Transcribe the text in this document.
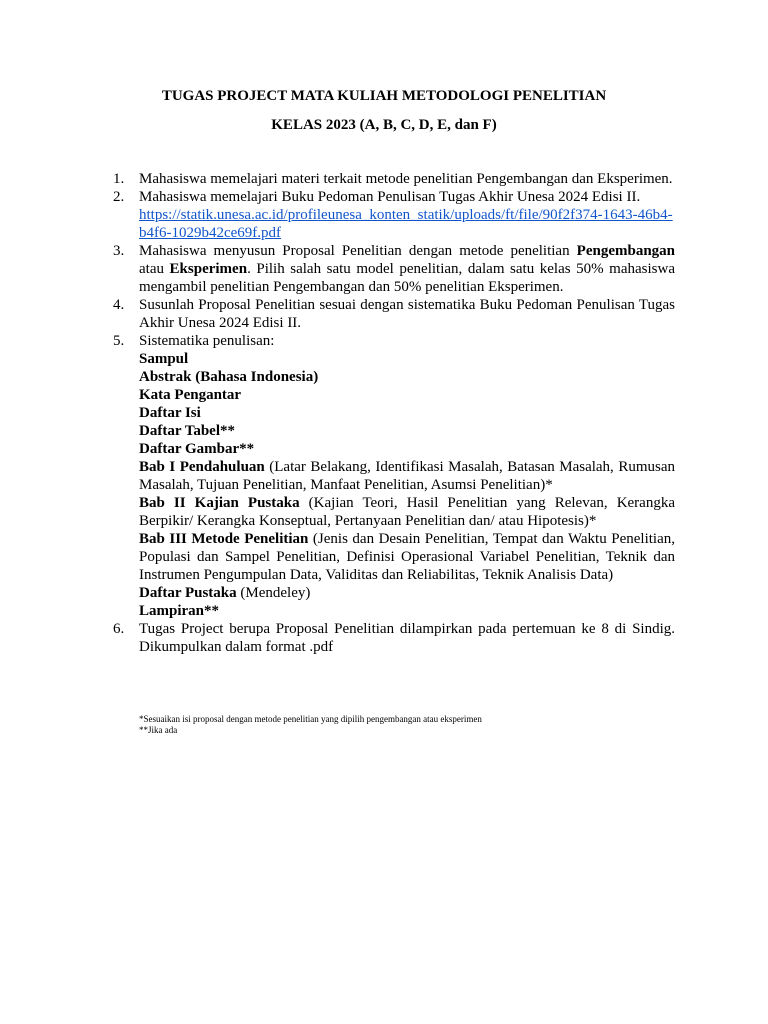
TUGAS PROJECT MATA KULIAH METODOLOGI PENELITIAN

KELAS 2023 (A, B, C, D, E, dan F)

1. Mahasiswa memelajari materi terkait metode penelitian Pengembangan dan Eksperimen.
2. Mahasiswa memelajari Buku Pedoman Penulisan Tugas Akhir Unesa 2024 Edisi II.
https://statik.unesa.ac.id/profileunesa_konten_statik/uploads/ft/file/90f2f374-1643-46b4-b4f6-1029b42ce69f.pdf
3. Mahasiswa menyusun Proposal Penelitian dengan metode penelitian Pengembangan atau Eksperimen. Pilih salah satu model penelitian, dalam satu kelas 50% mahasiswa mengambil penelitian Pengembangan dan 50% penelitian Eksperimen.
4. Susunlah Proposal Penelitian sesuai dengan sistematika Buku Pedoman Penulisan Tugas Akhir Unesa 2024 Edisi II.
5. Sistematika penulisan:
Sampul
Abstrak (Bahasa Indonesia)
Kata Pengantar
Daftar Isi
Daftar Tabel**
Daftar Gambar**
Bab I Pendahuluan (Latar Belakang, Identifikasi Masalah, Batasan Masalah, Rumusan Masalah, Tujuan Penelitian, Manfaat Penelitian, Asumsi Penelitian)*
Bab II Kajian Pustaka (Kajian Teori, Hasil Penelitian yang Relevan, Kerangka Berpikir/ Kerangka Konseptual, Pertanyaan Penelitian dan/ atau Hipotesis)*
Bab III Metode Penelitian (Jenis dan Desain Penelitian, Tempat dan Waktu Penelitian, Populasi dan Sampel Penelitian, Definisi Operasional Variabel Penelitian, Teknik dan Instrumen Pengumpulan Data, Validitas dan Reliabilitas, Teknik Analisis Data)
Daftar Pustaka (Mendeley)
Lampiran**
6. Tugas Project berupa Proposal Penelitian dilampirkan pada pertemuan ke 8 di Sindig. Dikumpulkan dalam format .pdf
*Sesuaikan isi proposal dengan metode penelitian yang dipilih pengembangan atau eksperimen
**Jika ada
